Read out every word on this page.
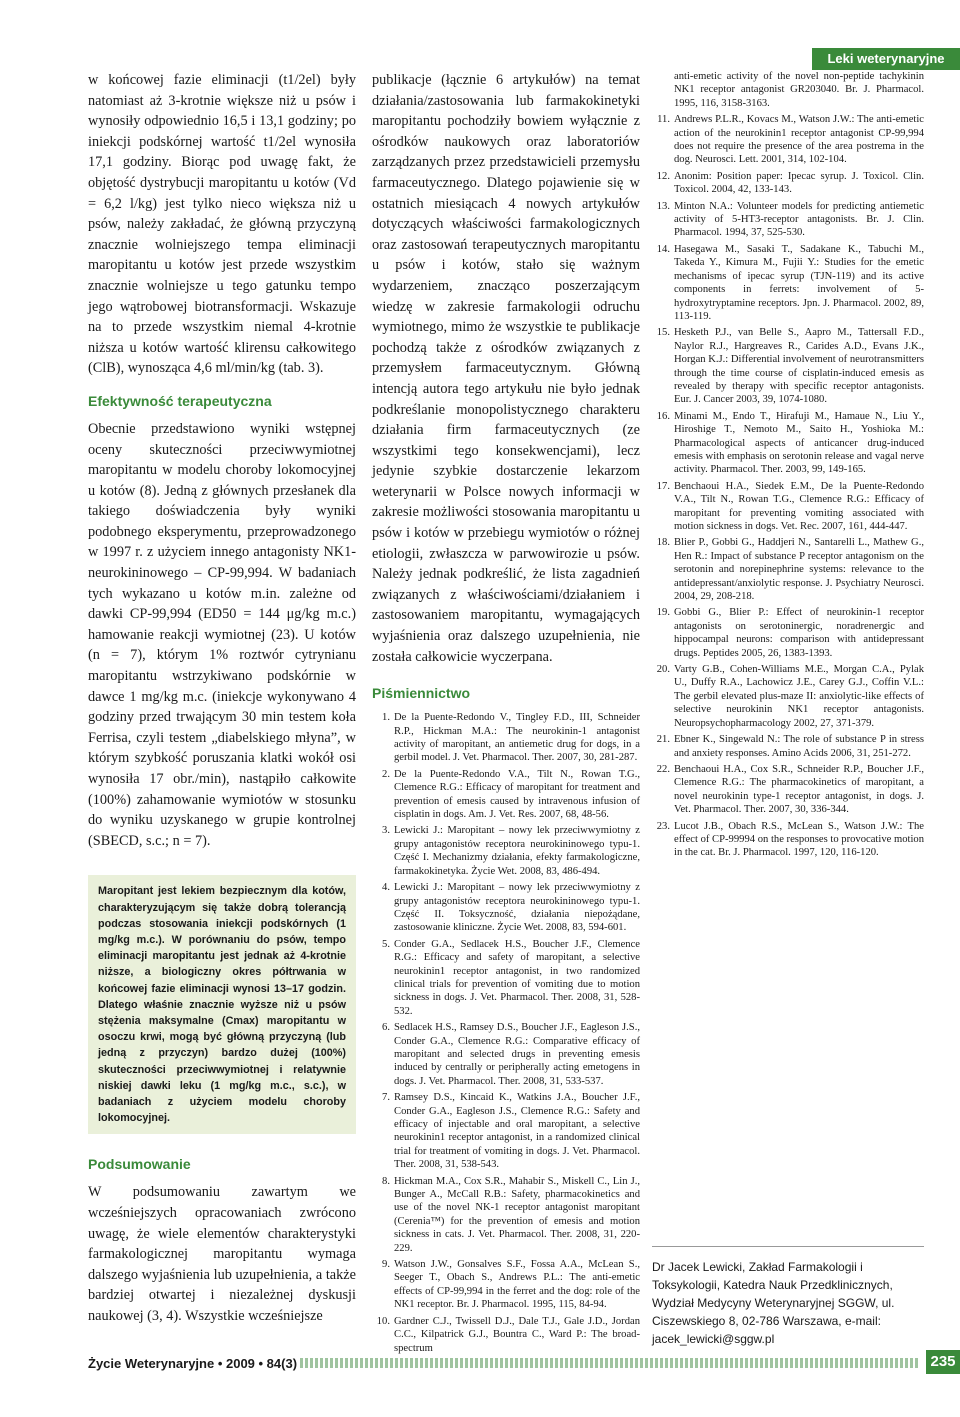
Leki weterynaryjne

w końcowej fazie eliminacji (t1/2el) były natomiast aż 3-krotnie większe niż u psów i wynosiły odpowiednio 16,5 i 13,1 godziny; po iniekcji podskórnej wartość t1/2el wynosiła 17,1 godziny. Biorąc pod uwagę fakt, że objętość dystrybucji maropitantu u kotów (Vd = 6,2 l/kg) jest tylko nieco większa niż u psów, należy zakładać, że główną przyczyną znacznie wolniejszego tempa eliminacji maropitantu u kotów jest przede wszystkim znacznie wolniejsze u tego gatunku tempo jego wątrobowej biotransformacji. Wskazuje na to przede wszystkim niemal 4-krotnie niższa u kotów wartość klirensu całkowitego (ClB), wynosząca 4,6 ml/min/kg (tab. 3).

Efektywność terapeutyczna

Obecnie przedstawiono wyniki wstępnej oceny skuteczności przeciwwymiotnej maropitantu w modelu choroby lokomocyjnej u kotów (8). Jedną z głównych przesłanek dla takiego doświadczenia były wyniki podobnego eksperymentu, przeprowadzonego w 1997 r. z użyciem innego antagonisty NK1-neurokininowego – CP-99,994. W badaniach tych wykazano u kotów m.in. zależne od dawki CP-99,994 (ED50 = 144 μg/kg m.c.) hamowanie reakcji wymiotnej (23). U kotów (n = 7), którym 1% roztwór cytrynianu maropitantu wstrzykiwano podskórnie w dawce 1 mg/kg m.c. (iniekcje wykonywano 4 godziny przed trwającym 30 min testem koła Ferrisa, czyli testem „diabelskiego młyna”, w którym szybkość poruszania klatki wokół osi wynosiła 17 obr./min), nastąpiło całkowite (100%) zahamowanie wymiotów w stosunku do wyniku uzyskanego w grupie kontrolnej (SBECD, s.c.; n = 7).

Maropitant jest lekiem bezpiecznym dla kotów, charakteryzującym się także dobrą tolerancją podczas stosowania iniekcji podskórnych (1 mg/kg m.c.). W porównaniu do psów, tempo eliminacji maropitantu jest jednak aż 4-krotnie niższe, a biologiczny okres półtrwania w końcowej fazie eliminacji wynosi 13–17 godzin. Dlatego właśnie znacznie wyższe niż u psów stężenia maksymalne (Cmax) maropitantu w osoczu krwi, mogą być główną przyczyną (lub jedną z przyczyn) bardzo dużej (100%) skuteczności przeciwwymiotnej i relatywnie niskiej dawki leku (1 mg/kg m.c., s.c.), w badaniach z użyciem modelu choroby lokomocyjnej.
Podsumowanie

W podsumowaniu zawartym we wcześniejszych opracowaniach zwrócono uwagę, że wiele elementów charakterystyki farmakologicznej maropitantu wymaga dalszego wyjaśnienia lub uzupełnienia, a także bardziej otwartej i niezależnej dyskusji naukowej (3, 4). Wszystkie wcześniejsze

publikacje (łącznie 6 artykułów) na temat działania/zastosowania lub farmakokinetyki maropitantu pochodziły bowiem wyłącznie z ośrodków naukowych oraz laboratoriów zarządzanych przez przedstawicieli przemysłu farmaceutycznego. Dlatego pojawienie się w ostatnich miesiącach 4 nowych artykułów dotyczących właściwości farmakologicznych oraz zastosowań terapeutycznych maropitantu u psów i kotów, stało się ważnym wydarzeniem, znacząco poszerzającym wiedzę w zakresie farmakologii odruchu wymiotnego, mimo że wszystkie te publikacje pochodzą także z ośrodków związanych z przemysłem farmaceutycznym. Główną intencją autora tego artykułu nie było jednak podkreślanie monopolistycznego charakteru działania firm farmaceutycznych (ze wszystkimi tego konsekwencjami), lecz jedynie szybkie dostarczenie lekarzom weterynarii w Polsce nowych informacji w zakresie możliwości stosowania maropitantu u psów i kotów w przebiegu wymiotów o różnej etiologii, zwłaszcza w parwowirozie u psów. Należy jednak podkreślić, że lista zagadnień związanych z właściwościami/działaniem i zastosowaniem maropitantu, wymagających wyjaśnienia oraz dalszego uzupełnienia, nie została całkowicie wyczerpana.

Piśmiennictwo
1. De la Puente-Redondo V., Tingley F.D., III, Schneider R.P., Hickman M.A.: The neurokinin-1 antagonist activity of maropitant, an antiemetic drug for dogs, in a gerbil model. J. Vet. Pharmacol. Ther. 2007, 30, 281-287.
2. De la Puente-Redondo V.A., Tilt N., Rowan T.G., Clemence R.G.: Efficacy of maropitant for treatment and prevention of emesis caused by intravenous infusion of cisplatin in dogs. Am. J. Vet. Res. 2007, 68, 48-56.
3. Lewicki J.: Maropitant – nowy lek przeciwwymiotny z grupy antagonistów receptora neurokininowego typu-1. Część I. Mechanizmy działania, efekty farmakologiczne, farmakokinetyka. Życie Wet. 2008, 83, 486-494.
4. Lewicki J.: Maropitant – nowy lek przeciwwymiotny z grupy antagonistów receptora neurokininowego typu-1. Część II. Toksyczność, działania niepożądane, zastosowanie kliniczne. Życie Wet. 2008, 83, 594-601.
5. Conder G.A., Sedlacek H.S., Boucher J.F., Clemence R.G.: Efficacy and safety of maropitant, a selective neurokinin1 receptor antagonist, in two randomized clinical trials for prevention of vomiting due to motion sickness in dogs. J. Vet. Pharmacol. Ther. 2008, 31, 528-532.
6. Sedlacek H.S., Ramsey D.S., Boucher J.F., Eagleson J.S., Conder G.A., Clemence R.G.: Comparative efficacy of maropitant and selected drugs in preventing emesis induced by centrally or peripherally acting emetogens in dogs. J. Vet. Pharmacol. Ther. 2008, 31, 533-537.
7. Ramsey D.S., Kincaid K., Watkins J.A., Boucher J.F., Conder G.A., Eagleson J.S., Clemence R.G.: Safety and efficacy of injectable and oral maropitant, a selective neurokinin1 receptor antagonist, in a randomized clinical trial for treatment of vomiting in dogs. J. Vet. Pharmacol. Ther. 2008, 31, 538-543.
8. Hickman M.A., Cox S.R., Mahabir S., Miskell C., Lin J., Bunger A., McCall R.B.: Safety, pharmacokinetics and use of the novel NK-1 receptor antagonist maropitant (Cerenia™) for the prevention of emesis and motion sickness in cats. J. Vet. Pharmacol. Ther. 2008, 31, 220-229.
9. Watson J.W., Gonsalves S.F., Fossa A.A., McLean S., Seeger T., Obach S., Andrews P.L.: The anti-emetic effects of CP-99,994 in the ferret and the dog: role of the NK1 receptor. Br. J. Pharmacol. 1995, 115, 84-94.
10. Gardner C.J., Twissell D.J., Dale T.J., Gale J.D., Jordan C.C., Kilpatrick G.J., Bountra C., Ward P.: The broad-spectrum
anti-emetic activity of the novel non-peptide tachykinin NK1 receptor antagonist GR203040. Br. J. Pharmacol. 1995, 116, 3158-3163.
11. Andrews P.L.R., Kovacs M., Watson J.W.: The anti-emetic action of the neurokinin1 receptor antagonist CP-99,994 does not require the presence of the area postrema in the dog. Neurosci. Lett. 2001, 314, 102-104.
12. Anonim: Position paper: Ipecac syrup. J. Toxicol. Clin. Toxicol. 2004, 42, 133-143.
13. Minton N.A.: Volunteer models for predicting antiemetic activity of 5-HT3-receptor antagonists. Br. J. Clin. Pharmacol. 1994, 37, 525-530.
14. Hasegawa M., Sasaki T., Sadakane K., Tabuchi M., Takeda Y., Kimura M., Fujii Y.: Studies for the emetic mechanisms of ipecac syrup (TJN-119) and its active components in ferrets: involvement of 5-hydroxytryptamine receptors. Jpn. J. Pharmacol. 2002, 89, 113-119.
15. Hesketh P.J., van Belle S., Aapro M., Tattersall F.D., Naylor R.J., Hargreaves R., Carides A.D., Evans J.K., Horgan K.J.: Differential involvement of neurotransmitters through the time course of cisplatin-induced emesis as revealed by therapy with specific receptor antagonists. Eur. J. Cancer 2003, 39, 1074-1080.
16. Minami M., Endo T., Hirafuji M., Hamaue N., Liu Y., Hiroshige T., Nemoto M., Saito H., Yoshioka M.: Pharmacological aspects of anticancer drug-induced emesis with emphasis on serotonin release and vagal nerve activity. Pharmacol. Ther. 2003, 99, 149-165.
17. Benchaoui H.A., Siedek E.M., De la Puente-Redondo V.A., Tilt N., Rowan T.G., Clemence R.G.: Efficacy of maropitant for preventing vomiting associated with motion sickness in dogs. Vet. Rec. 2007, 161, 444-447.
18. Blier P., Gobbi G., Haddjeri N., Santarelli L., Mathew G., Hen R.: Impact of substance P receptor antagonism on the serotonin and norepinephrine systems: relevance to the antidepressant/anxiolytic response. J. Psychiatry Neurosci. 2004, 29, 208-218.
19. Gobbi G., Blier P.: Effect of neurokinin-1 receptor antagonists on serotoninergic, noradrenergic and hippocampal neurons: comparison with antidepressant drugs. Peptides 2005, 26, 1383-1393.
20. Varty G.B., Cohen-Williams M.E., Morgan C.A., Pylak U., Duffy R.A., Lachowicz J.E., Carey G.J., Coffin V.L.: The gerbil elevated plus-maze II: anxiolytic-like effects of selective neurokinin NK1 receptor antagonists. Neuropsychopharmacology 2002, 27, 371-379.
21. Ebner K., Singewald N.: The role of substance P in stress and anxiety responses. Amino Acids 2006, 31, 251-272.
22. Benchaoui H.A., Cox S.R., Schneider R.P., Boucher J.F., Clemence R.G.: The pharmacokinetics of maropitant, a novel neurokinin type-1 receptor antagonist, in dogs. J. Vet. Pharmacol. Ther. 2007, 30, 336-344.
23. Lucot J.B., Obach R.S., McLean S., Watson J.W.: The effect of CP-99994 on the responses to provocative motion in the cat. Br. J. Pharmacol. 1997, 120, 116-120.
Dr Jacek Lewicki, Zakład Farmakologii i Toksykologii, Katedra Nauk Przedklinicznych, Wydział Medycyny Weterynaryjnej SGGW, ul. Ciszewskiego 8, 02-786 Warszawa, e-mail: jacek_lewicki@sggw.pl
Życie Weterynaryjne • 2009 • 84(3)	235
